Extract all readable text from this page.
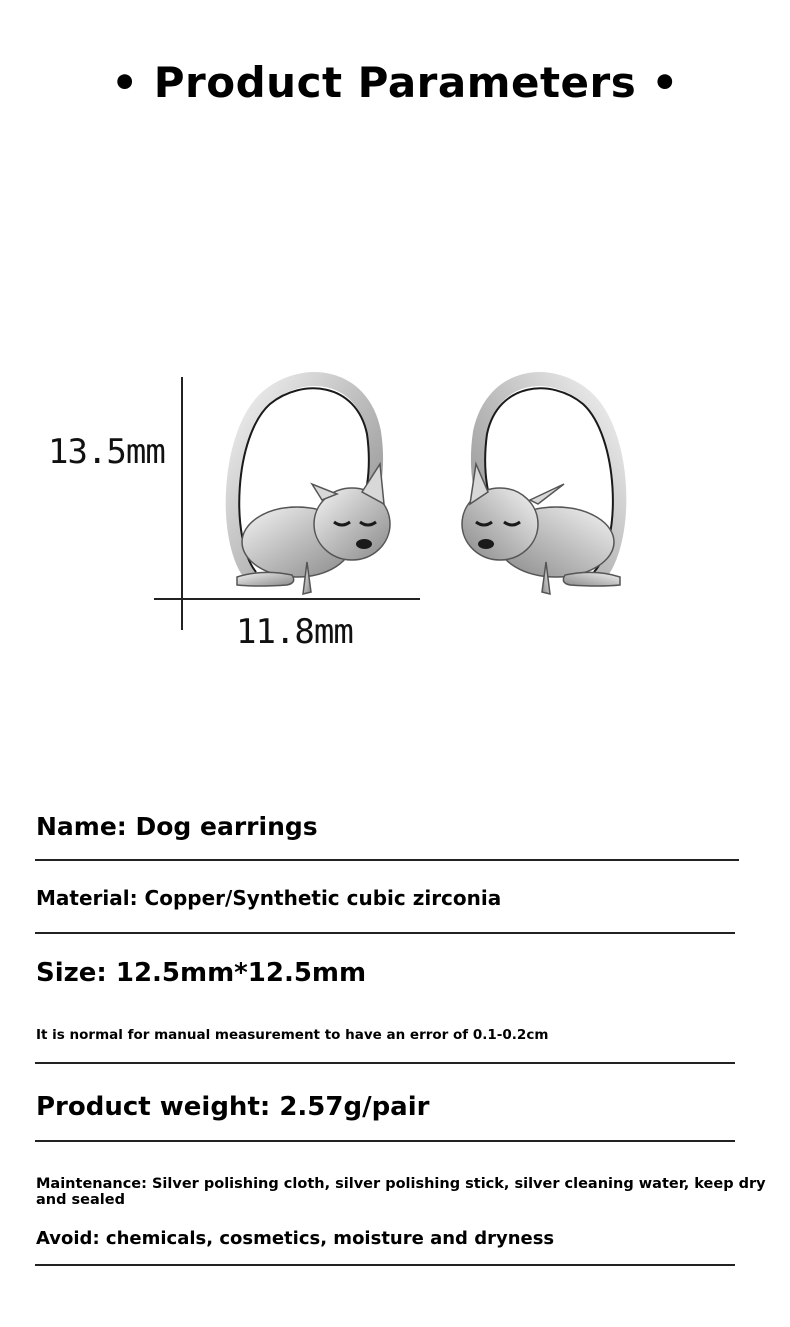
• Product Parameters •
13.5mm
11.8mm
Name: Dog earrings
Material: Copper/Synthetic cubic zirconia
Size: 12.5mm*12.5mm
It is normal for manual measurement to have an error of 0.1-0.2cm
Product weight: 2.57g/pair
Maintenance: Silver polishing cloth, silver polishing stick, silver cleaning water, keep dry and sealed
Avoid: chemicals, cosmetics, moisture and dryness
